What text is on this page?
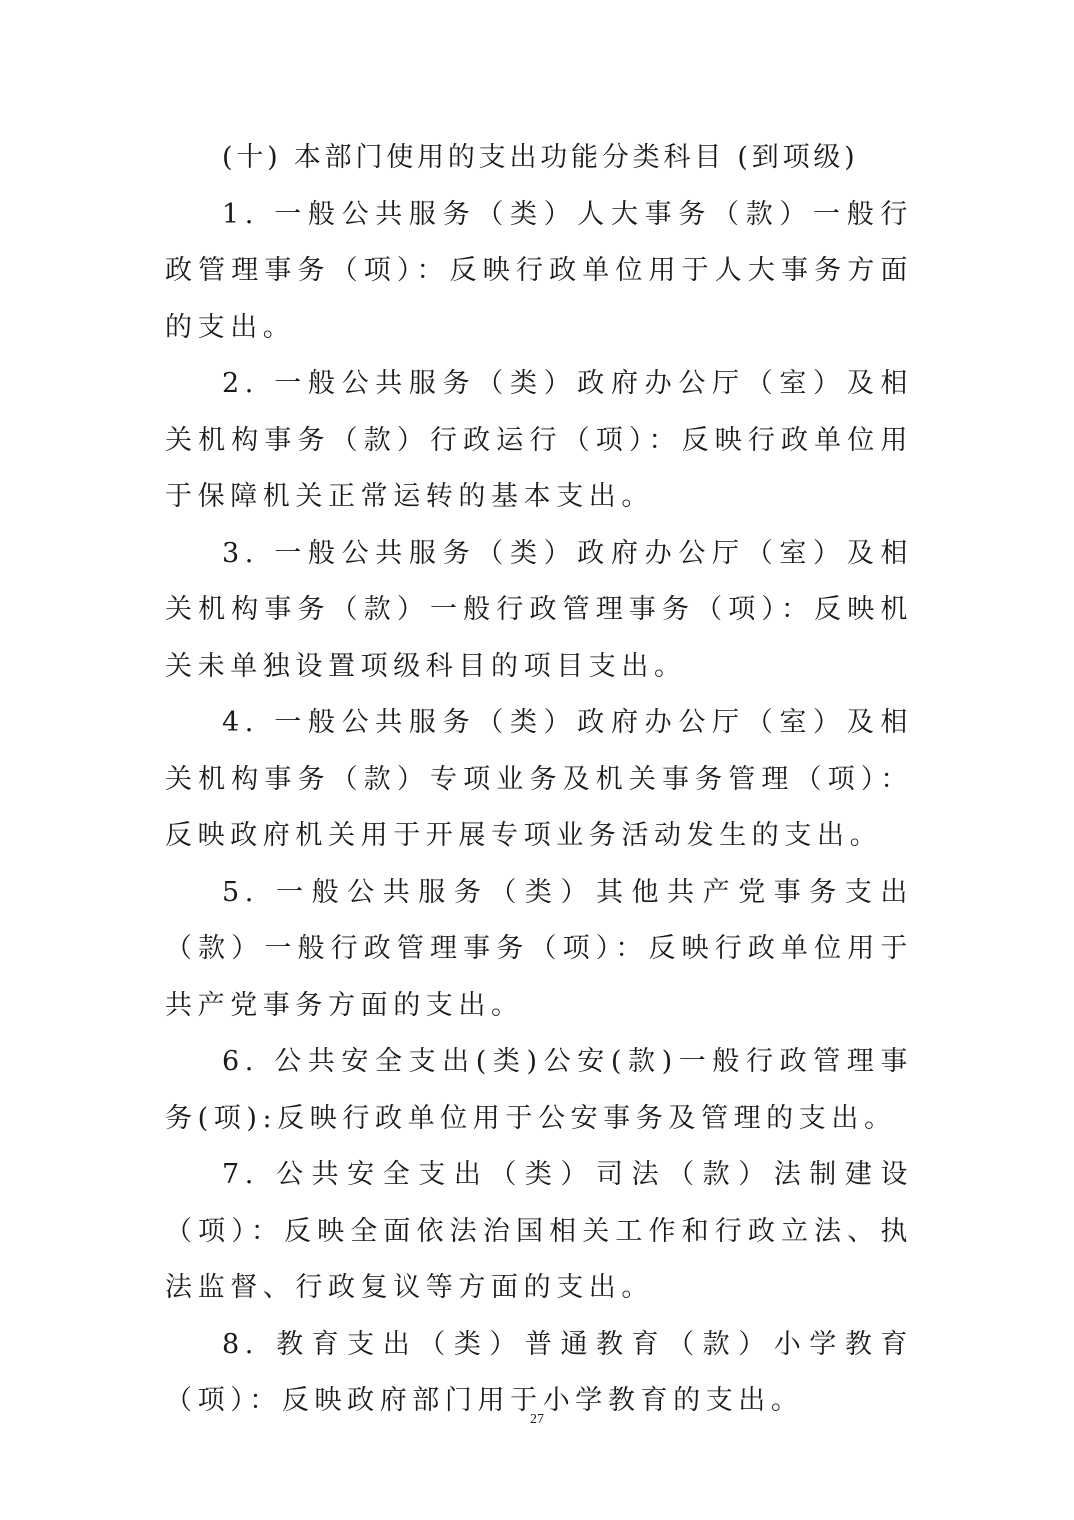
(十) 本部门使用的支出功能分类科目 (到项级)

1. 一般公共服务（类）人大事务（款）一般行政管理事务（项）：反映行政单位用于人大事务方面的支出。

2. 一般公共服务（类）政府办公厅（室）及相关机构事务（款）行政运行（项）：反映行政单位用于保障机关正常运转的基本支出。

3. 一般公共服务（类）政府办公厅（室）及相关机构事务（款）一般行政管理事务（项）：反映机关未单独设置项级科目的项目支出。

4. 一般公共服务（类）政府办公厅（室）及相关机构事务（款）专项业务及机关事务管理（项）：反映政府机关用于开展专项业务活动发生的支出。

5. 一般公共服务（类）其他共产党事务支出（款）一般行政管理事务（项）：反映行政单位用于共产党事务方面的支出。

6. 公共安全支出(类)公安(款)一般行政管理事务(项):反映行政单位用于公安事务及管理的支出。

7. 公共安全支出（类）司法（款）法制建设（项）：反映全面依法治国相关工作和行政立法、执法监督、行政复议等方面的支出。

8. 教育支出（类）普通教育（款）小学教育（项）：反映政府部门用于小学教育的支出。

27
